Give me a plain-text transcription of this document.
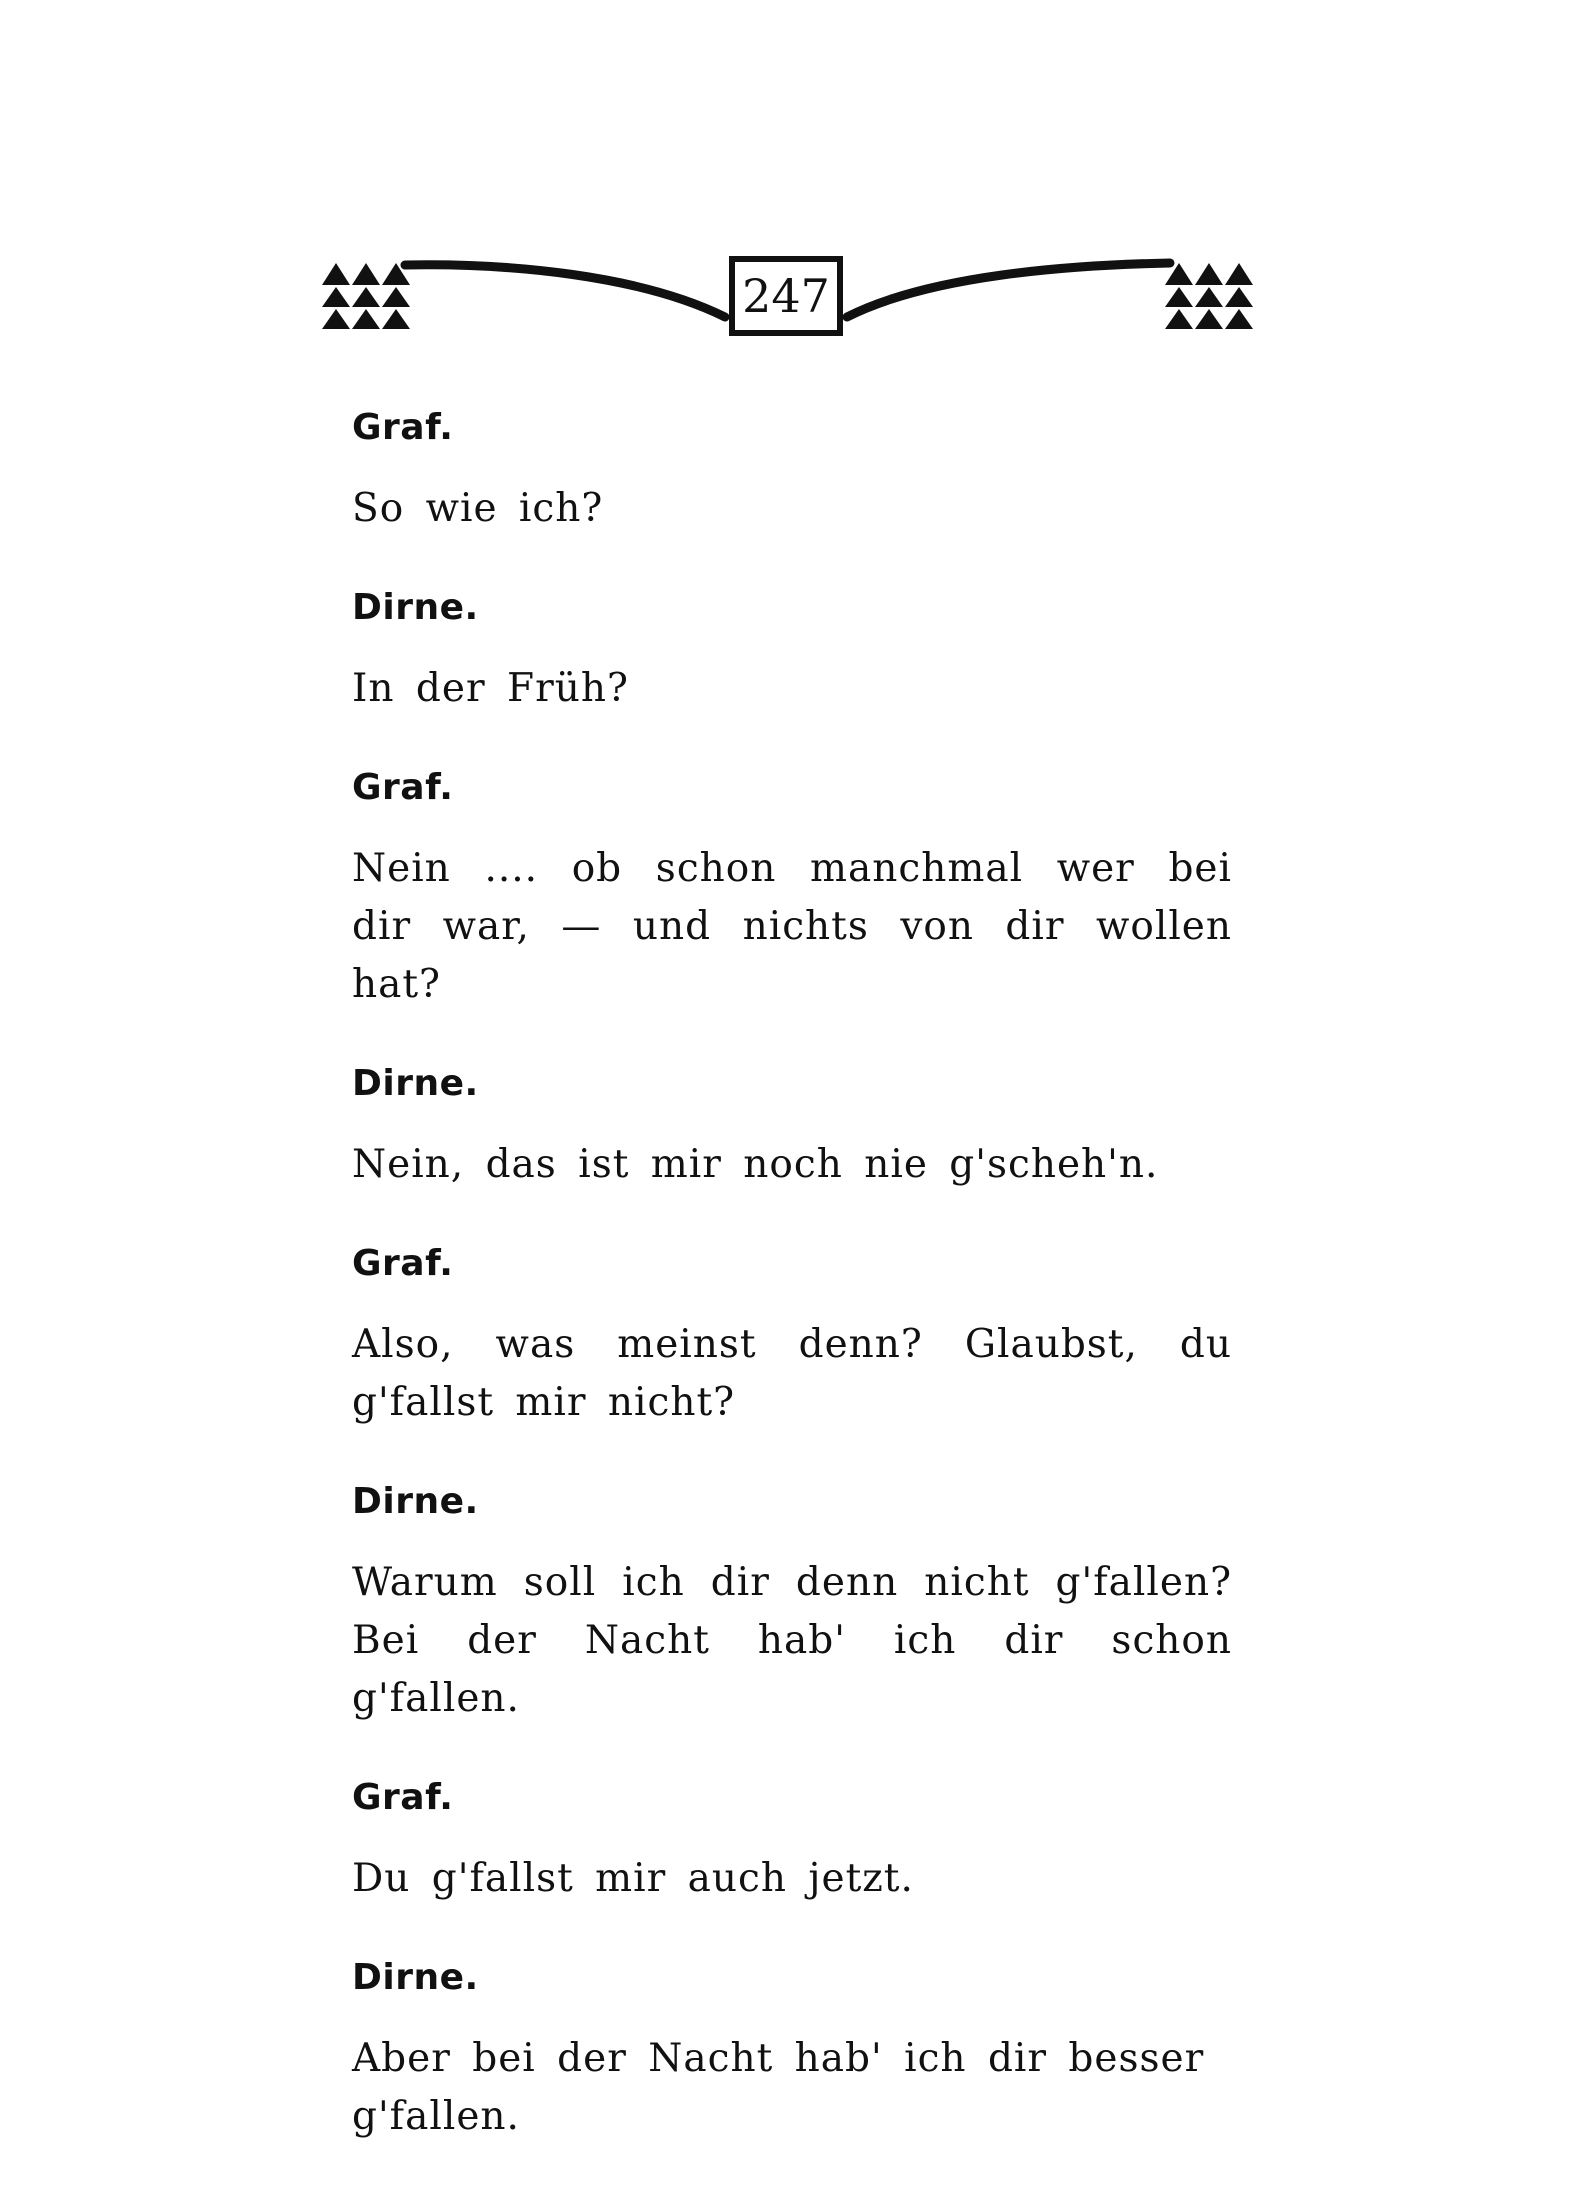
247
Graf.
So wie ich?
Dirne.
In der Früh?
Graf.
Nein .... ob schon manchmal wer bei dir war, — und nichts von dir wollen hat?
Dirne.
Nein, das ist mir noch nie g'scheh'n.
Graf.
Also, was meinst denn? Glaubst, du g'fallst mir nicht?
Dirne.
Warum soll ich dir denn nicht g'fallen? Bei der Nacht hab' ich dir schon g'fallen.
Graf.
Du g'fallst mir auch jetzt.
Dirne.
Aber bei der Nacht hab' ich dir besser g'fallen.
